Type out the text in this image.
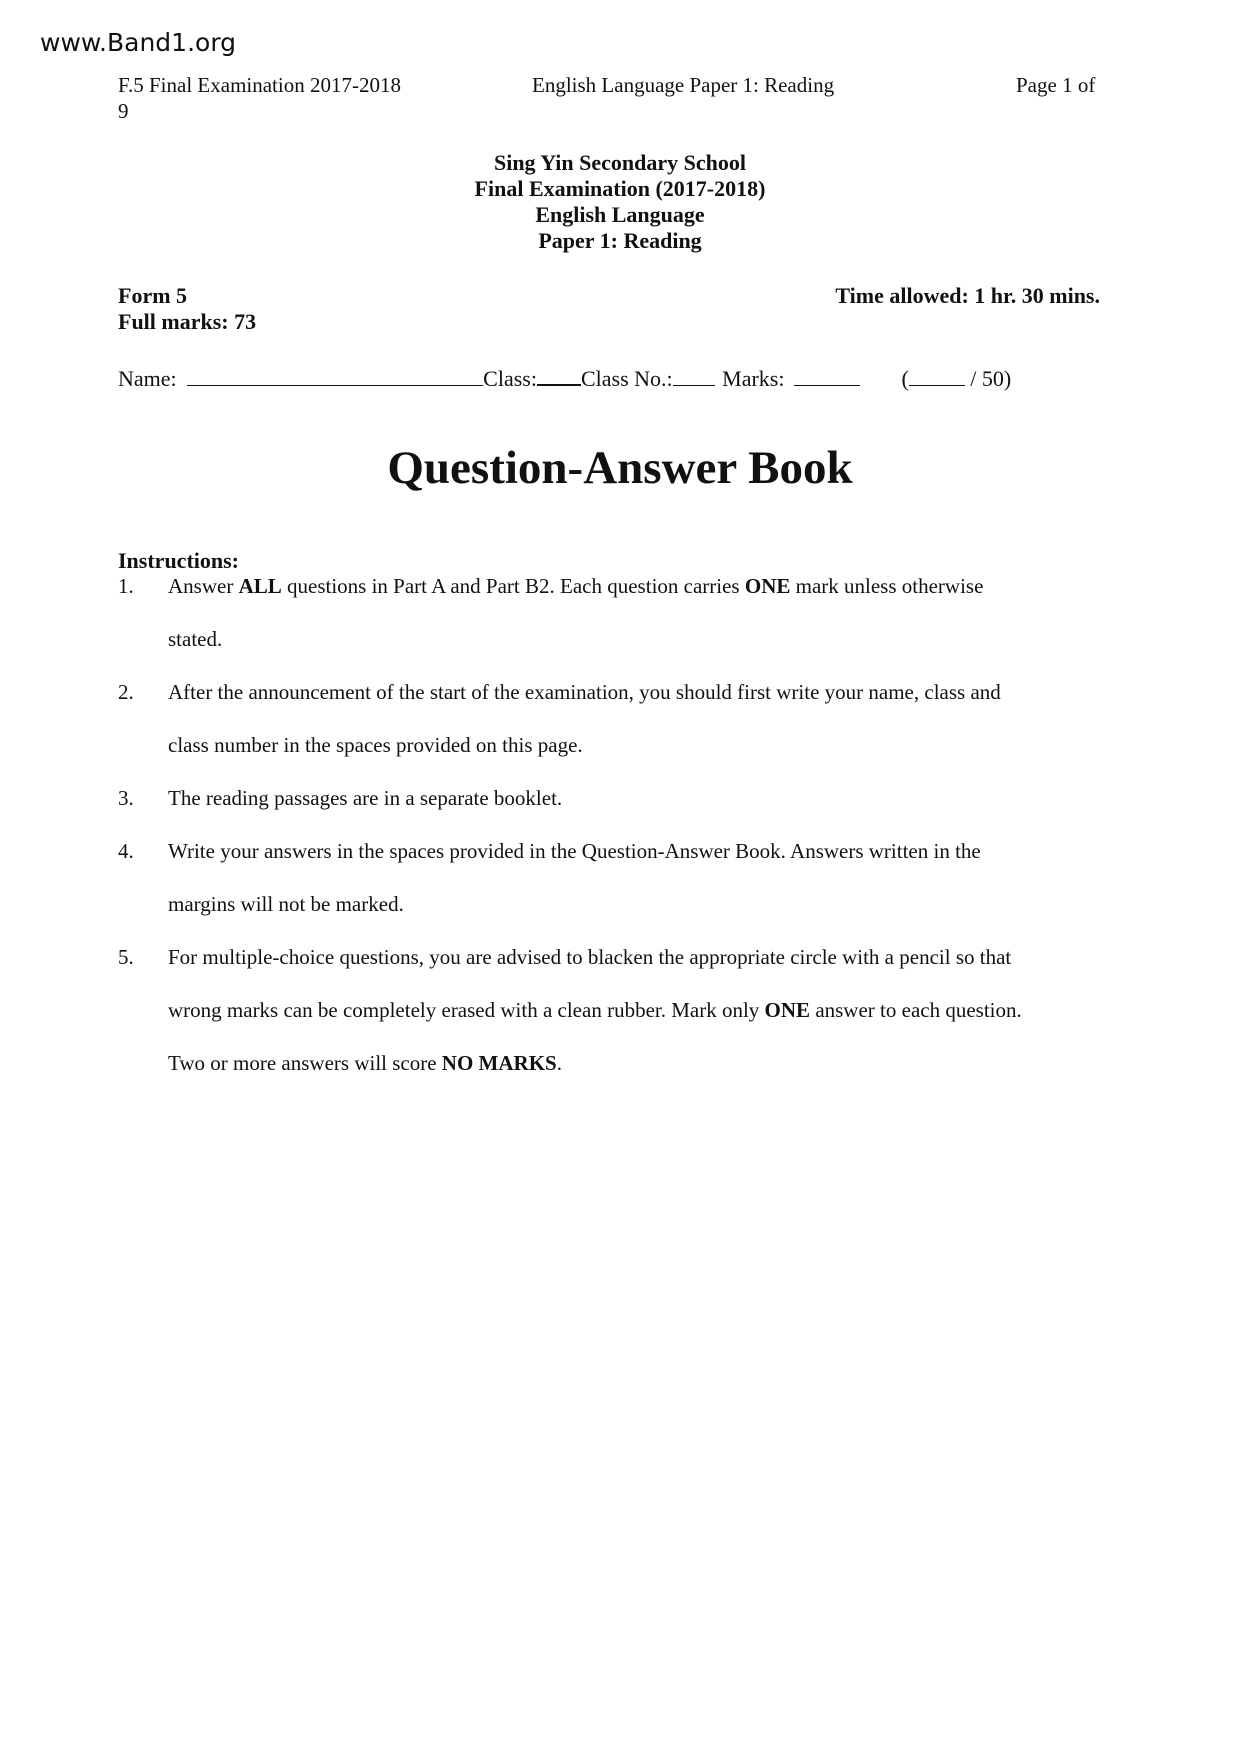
www.Band1.org
F.5 Final Examination 2017-2018	English Language Paper 1: Reading	Page 1 of
9
Sing Yin Secondary School
Final Examination (2017-2018)
English Language
Paper 1: Reading
Form 5	Time allowed: 1 hr. 30 mins.
Full marks: 73
Name:	Class: Class No.: Marks:	(	/ 50)
Question-Answer Book
Instructions:
1. Answer ALL questions in Part A and Part B2. Each question carries ONE mark unless otherwise
stated.
2. After the announcement of the start of the examination, you should first write your name, class and
class number in the spaces provided on this page.
3. The reading passages are in a separate booklet.
4. Write your answers in the spaces provided in the Question-Answer Book. Answers written in the
margins will not be marked.
5. For multiple-choice questions, you are advised to blacken the appropriate circle with a pencil so that
wrong marks can be completely erased with a clean rubber. Mark only ONE answer to each question.
Two or more answers will score NO MARKS.
